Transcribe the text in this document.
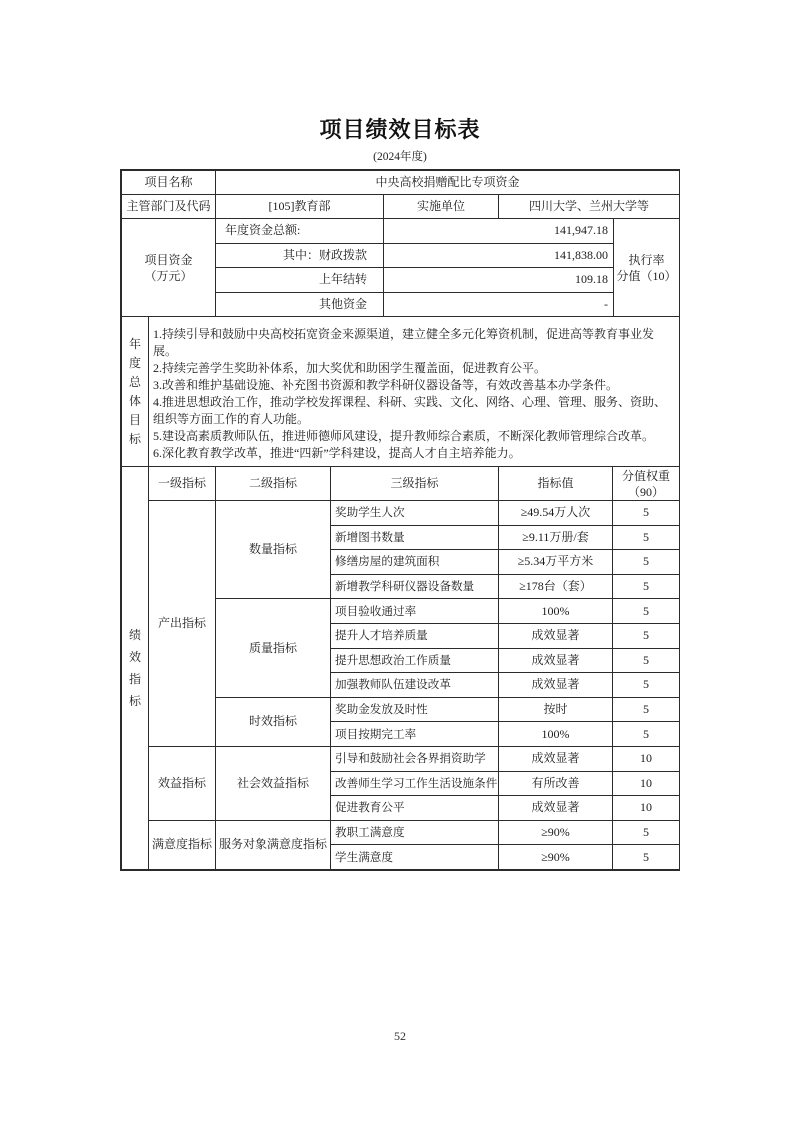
项目绩效目标表
(2024年度)
项目名称	中央高校捐赠配比专项资金			
主管部门及代码	[105]教育部	实施单位	四川大学、兰州大学等	

项目资金
（万元）
	年度资金总额:	141,947.18	
执行率
分值（10）

	其中：财政拨款	141,838.00		
	上年结转	109.18		
	其他资金	-		
年度总体目标

1.持续引导和鼓励中央高校拓宽资金来源渠道，建立健全多元化筹资机制，促进高等教育事业发展。
2.持续完善学生奖助补体系，加大奖优和助困学生覆盖面，促进教育公平。
3.改善和维护基础设施、补充图书资源和教学科研仪器设备等，有效改善基本办学条件。
4.推进思想政治工作，推动学校发挥课程、科研、实践、文化、网络、心理、管理、服务、资助、组织等方面工作的育人功能。
5.建设高素质教师队伍，推进师德师风建设，提升教师综合素质，不断深化教师管理综合改革。
6.深化教育教学改革，推进“四新”学科建设，提高人才自主培养能力。
绩效指标	一级指标	二级指标	三级指标	指标值	分值权重
（90）

	产出指标	数量指标	奖助学生人次	≥49.54万人次	5
			新增图书数量	≥9.11万册/套	5
			修缮房屋的建筑面积	≥5.34万平方米	5
			新增教学科研仪器设备数量	≥178台（套）	5
		质量指标	项目验收通过率	100%	5
			提升人才培养质量	成效显著	5
			提升思想政治工作质量	成效显著	5
			加强教师队伍建设改革	成效显著	5
		时效指标	奖助金发放及时性	按时	5
			项目按期完工率	100%	5
	效益指标	社会效益指标	引导和鼓励社会各界捐资助学	成效显著	10
			改善师生学习工作生活设施条件	有所改善	10
			促进教育公平	成效显著	10
	满意度指标	服务对象满意度指标	教职工满意度	≥90%	5
			学生满意度	≥90%	5
52
